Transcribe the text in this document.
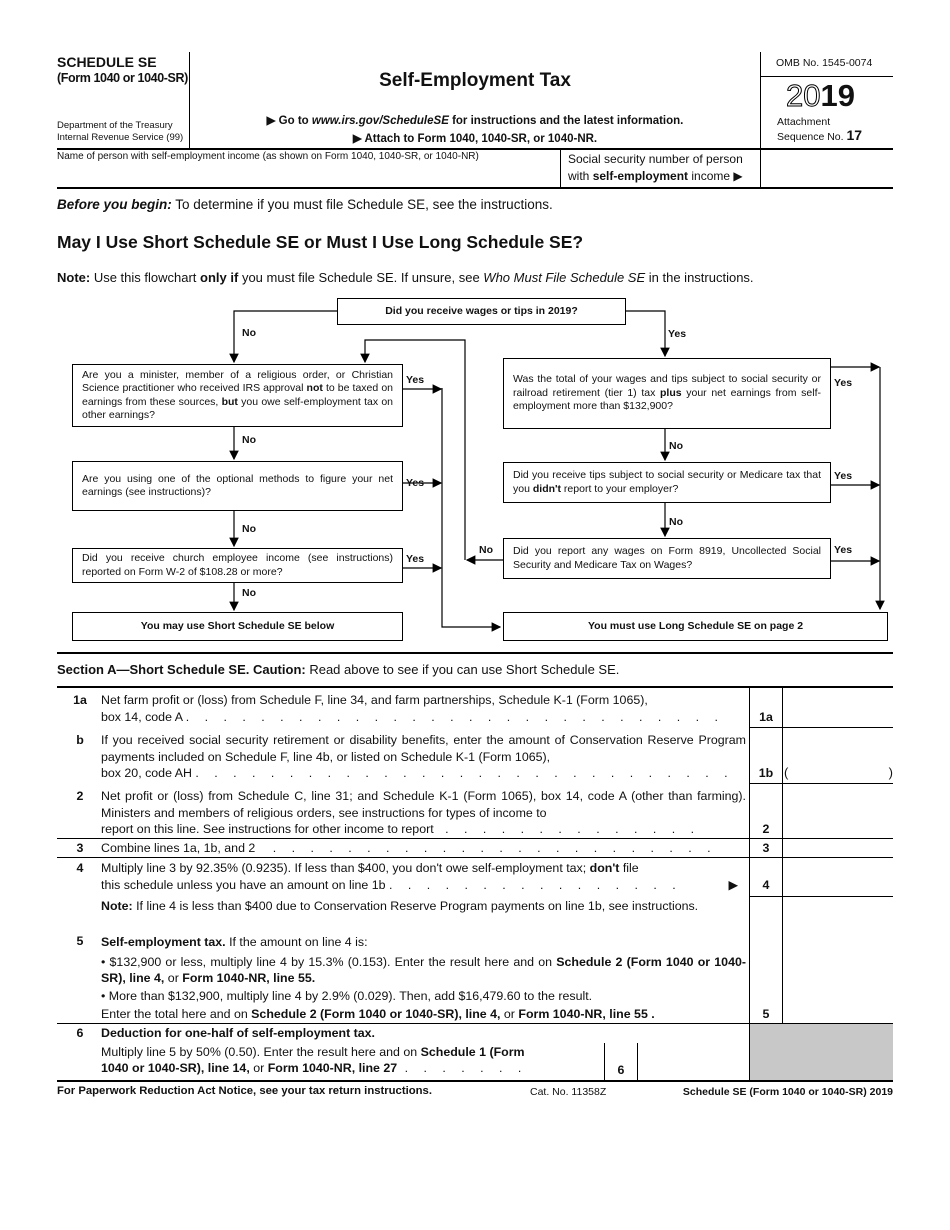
SCHEDULE SE
(Form 1040 or 1040-SR)
Department of the Treasury
Internal Revenue Service (99)
Self-Employment Tax
▶ Go to www.irs.gov/ScheduleSE for instructions and the latest information.
▶ Attach to Form 1040, 1040-SR, or 1040-NR.
OMB No. 1545-0074
2019
Attachment
Sequence No. 17
Name of person with self-employment income (as shown on Form 1040, 1040-SR, or 1040-NR)	Social security number of person
with self-employment income ▶
Before you begin: To determine if you must file Schedule SE, see the instructions.
May I Use Short Schedule SE or Must I Use Long Schedule SE?
Note: Use this flowchart only if you must file Schedule SE. If unsure, see Who Must File Schedule SE in the instructions.
Did you receive wages or tips in 2019?
Are you a minister, member of a religious order, or Christian Science practitioner who received IRS approval not to be taxed on earnings from these sources, but you owe self-employment tax on other earnings?
Are you using one of the optional methods to figure your net earnings (see instructions)?
Did you receive church employee income (see instructions) reported on Form W-2 of $108.28 or more?
You may use Short Schedule SE below
Was the total of your wages and tips subject to social security or railroad retirement (tier 1) tax plus your net earnings from self-employment more than $132,900?
Did you receive tips subject to social security or Medicare tax that you didn't report to your employer?
Did you report any wages on Form 8919, Uncollected Social Security and Medicare Tax on Wages?
You must use Long Schedule SE on page 2
No	Yes
Yes
Yes
Yes
No
No
No
Yes
Yes
Yes
No
No
No
Section A—Short Schedule SE. Caution: Read above to see if you can use Short Schedule SE.
1a	Net farm profit or (loss) from Schedule F, line 34, and farm partnerships, Schedule K-1 (Form 1065),
box 14, code A . . .	1a
b	If you received social security retirement or disability benefits, enter the amount of Conservation Reserve Program payments included on Schedule F, line 4b, or listed on Schedule K-1 (Form 1065),
box 20, code AH . . .	1b (	)
2	Net profit or (loss) from Schedule C, line 31; and Schedule K-1 (Form 1065), box 14, code A (other than farming). Ministers and members of religious orders, see instructions for types of income to
report on this line. See instructions for other income to report . . .	2
3	Combine lines 1a, 1b, and 2 . . .	3
4	Multiply line 3 by 92.35% (0.9235). If less than $400, you don't owe self-employment tax; don't file
this schedule unless you have an amount on line 1b . . .	▶	4
Note: If line 4 is less than $400 due to Conservation Reserve Program payments on line 1b, see instructions.
5	Self-employment tax. If the amount on line 4 is:
• $132,900 or less, multiply line 4 by 15.3% (0.153). Enter the result here and on Schedule 2 (Form 1040 or 1040-SR), line 4, or Form 1040-NR, line 55.
• More than $132,900, multiply line 4 by 2.9% (0.029). Then, add $16,479.60 to the result.
Enter the total here and on Schedule 2 (Form 1040 or 1040-SR), line 4, or Form 1040-NR, line 55 .	5
6	Deduction for one-half of self-employment tax.
Multiply line 5 by 50% (0.50). Enter the result here and on Schedule 1 (Form
1040 or 1040-SR), line 14, or Form 1040-NR, line 27 . . .	6
For Paperwork Reduction Act Notice, see your tax return instructions.	Cat. No. 11358Z	Schedule SE (Form 1040 or 1040-SR) 2019
